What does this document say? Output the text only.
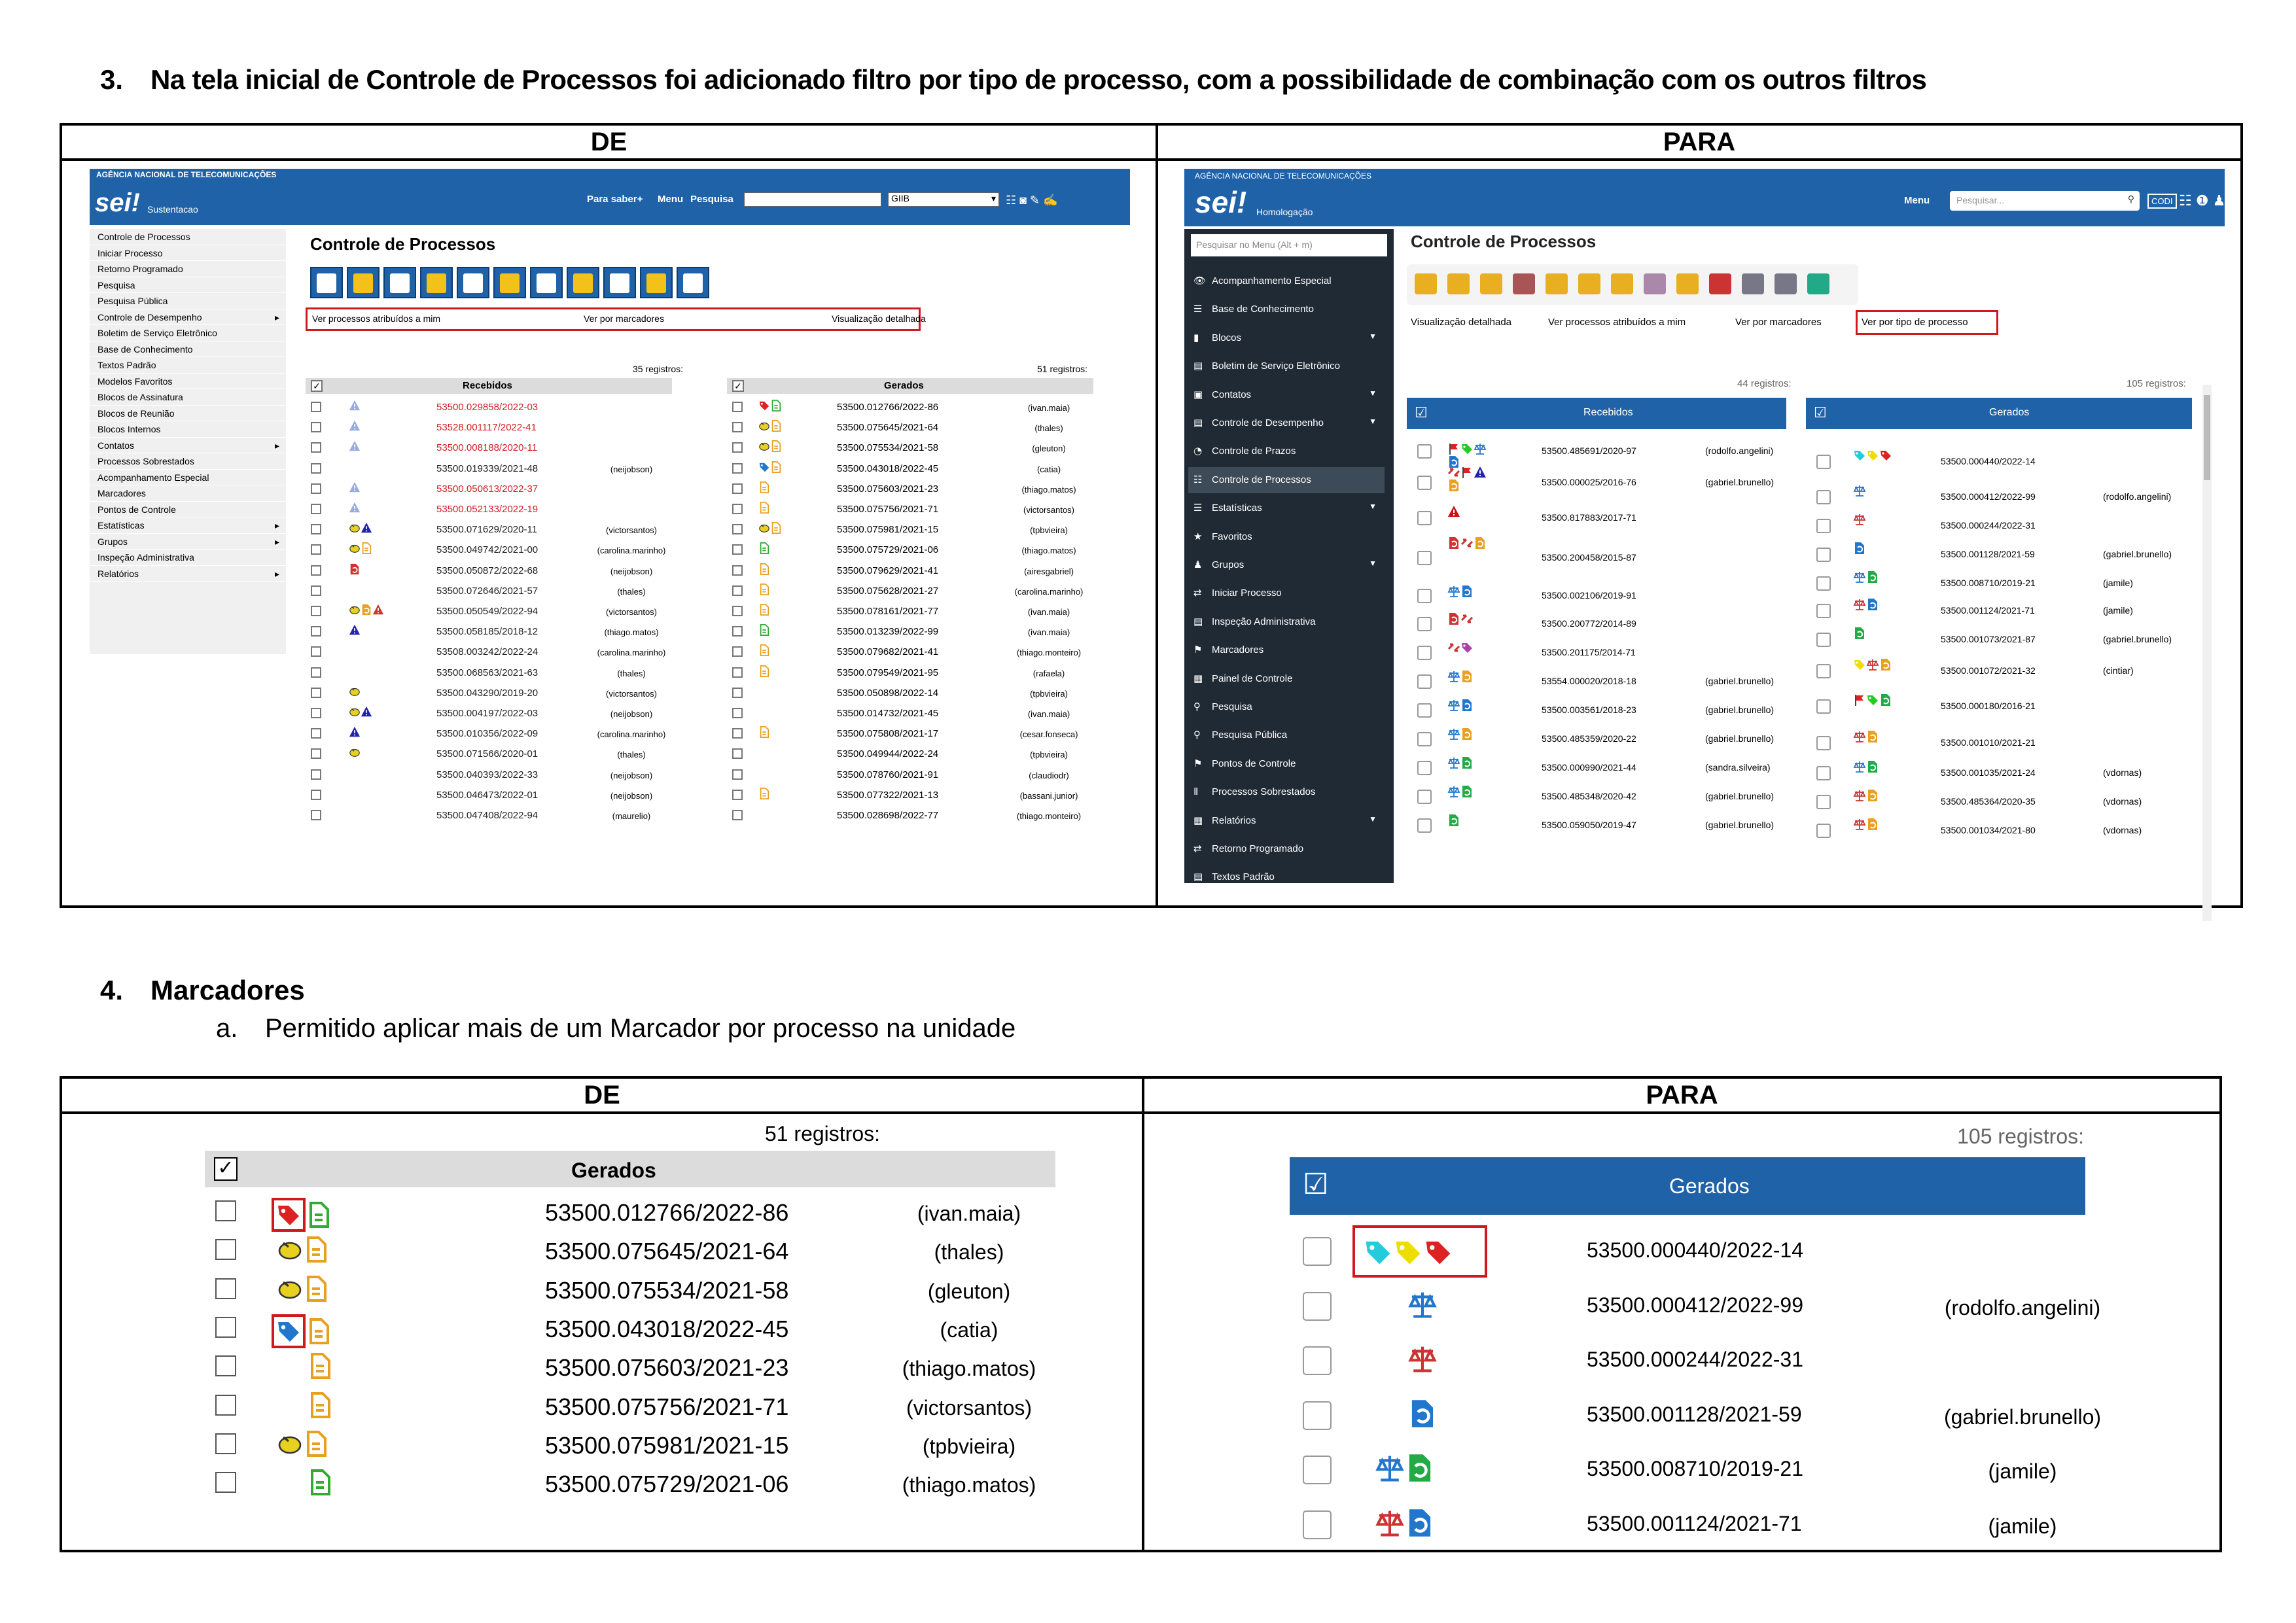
3. Na tela inicial de Controle de Processos foi adicionado filtro por tipo de processo, com a possibilidade de combinação com os outros filtros
DE	PARA
AGÊNCIA NACIONAL DE TELECOMUNICAÇÕES
sei! Sustentacao
Para saber+ Menu Pesquisa	GIIB	▾ ☷ ◙ ✎ ✍
Controle de Processos
Iniciar Processo
Retorno Programado
Pesquisa
Pesquisa Pública
Controle de Desempenho	▸
Boletim de Serviço Eletrônico
Base de Conhecimento
Textos Padrão
Modelos Favoritos
Blocos de Assinatura
Blocos de Reunião
Blocos Internos
Contatos	▸
Processos Sobrestados
Acompanhamento Especial
Marcadores
Pontos de Controle
Estatísticas	▸
Grupos	▸
Inspeção Administrativa
Relatórios	▸
Controle de Processos
Ver processos atribuídos a mim	Ver por marcadores	Visualização detalhada
35 registros:	51 registros:
✓	Recebidos	✓	Gerados
53500.029858/2022-03
53528.001117/2022-41
53500.008188/2020-11
53500.019339/2021-48	(neijobson)
53500.050613/2022-37
53500.052133/2022-19
53500.071629/2020-11	(victorsantos)
53500.049742/2021-00	(carolina.marinho)
53500.050872/2022-68	(neijobson)
53500.072646/2021-57	(thales)
53500.050549/2022-94	(victorsantos)
53500.058185/2018-12	(thiago.matos)
53508.003242/2022-24	(carolina.marinho)
53500.068563/2021-63	(thales)
53500.043290/2019-20	(victorsantos)
53500.004197/2022-03	(neijobson)
53500.010356/2022-09	(carolina.marinho)
53500.071566/2020-01	(thales)
53500.040393/2022-33	(neijobson)
53500.046473/2022-01	(neijobson)
53500.047408/2022-94	(maurelio)
53500.012766/2022-86	(ivan.maia)
53500.075645/2021-64	(thales)
53500.075534/2021-58	(gleuton)
53500.043018/2022-45	(catia)
53500.075603/2021-23	(thiago.matos)
53500.075756/2021-71	(victorsantos)
53500.075981/2021-15	(tpbvieira)
53500.075729/2021-06	(thiago.matos)
53500.079629/2021-41	(airesgabriel)
53500.075628/2021-27	(carolina.marinho)
53500.078161/2021-77	(ivan.maia)
53500.013239/2022-99	(ivan.maia)
53500.079682/2021-41	(thiago.monteiro)
53500.079549/2021-95	(rafaela)
53500.050898/2022-14	(tpbvieira)
53500.014732/2021-45	(ivan.maia)
53500.075808/2021-17	(cesar.fonseca)
53500.049944/2022-24	(tpbvieira)
53500.078760/2021-91	(claudiodr)
53500.077322/2021-13	(bassani.junior)
53500.028698/2022-77	(thiago.monteiro)
AGÊNCIA NACIONAL DE TELECOMUNICAÇÕES
sei! Homologação
Menu	Pesquisar...	⚲	CODI ☷ ❶ ♟ ✕ ⏻
Pesquisar no Menu (Alt + m)
👁 Acompanhamento Especial
☰ Base de Conhecimento
▮ Blocos	▼
▤ Boletim de Serviço Eletrônico
▣ Contatos	▼
▤ Controle de Desempenho	▼
◔ Controle de Prazos
☷ Controle de Processos
☰ Estatísticas	▼
★ Favoritos
♟ Grupos	▼
⇄ Iniciar Processo
▤ Inspeção Administrativa
⚑ Marcadores
▦ Painel de Controle
⚲ Pesquisa
⚲ Pesquisa Pública
⚑ Pontos de Controle
Ⅱ Processos Sobrestados
▦ Relatórios	▼
⇄ Retorno Programado
▤ Textos Padrão
Controle de Processos
Visualização detalhada	Ver processos atribuídos a mim	Ver por marcadores	Ver por tipo de processo
44 registros:	105 registros:
☑	Recebidos	☑	Gerados
53500.485691/2020-97	(rodolfo.angelini)
53500.000025/2016-76	(gabriel.brunello)
53500.817883/2017-71
53500.200458/2015-87
53500.002106/2019-91
53500.200772/2014-89
53500.201175/2014-71
53554.000020/2018-18	(gabriel.brunello)
53500.003561/2018-23	(gabriel.brunello)
53500.485359/2020-22	(gabriel.brunello)
53500.000990/2021-44	(sandra.silveira)
53500.485348/2020-42	(gabriel.brunello)
53500.059050/2019-47	(gabriel.brunello)
53500.000440/2022-14
53500.000412/2022-99	(rodolfo.angelini)
53500.000244/2022-31
53500.001128/2021-59	(gabriel.brunello)
53500.008710/2019-21	(jamile)
53500.001124/2021-71	(jamile)
53500.001073/2021-87	(gabriel.brunello)
53500.001072/2021-32	(cintiar)
53500.000180/2016-21
53500.001010/2021-21
53500.001035/2021-24	(vdornas)
53500.485364/2020-35	(vdornas)
53500.001034/2021-80	(vdornas)
4. Marcadores
a. Permitido aplicar mais de um Marcador por processo na unidade
DE	PARA
51 registros:
✓	Gerados
53500.012766/2022-86	(ivan.maia)
53500.075645/2021-64	(thales)
53500.075534/2021-58	(gleuton)
53500.043018/2022-45	(catia)
53500.075603/2021-23	(thiago.matos)
53500.075756/2021-71	(victorsantos)
53500.075981/2021-15	(tpbvieira)
53500.075729/2021-06	(thiago.matos)
105 registros:
☑	Gerados
53500.000440/2022-14
53500.000412/2022-99	(rodolfo.angelini)
53500.000244/2022-31
53500.001128/2021-59	(gabriel.brunello)
53500.008710/2019-21	(jamile)
53500.001124/2021-71	(jamile)
